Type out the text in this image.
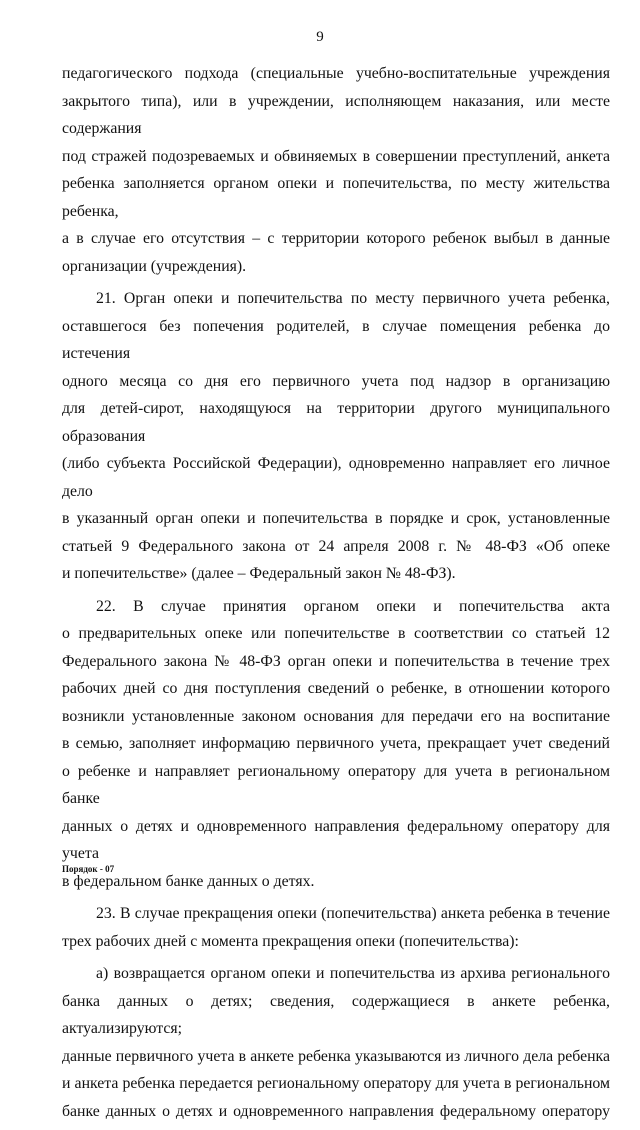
9

педагогического подхода (специальные учебно-воспитательные учреждения
закрытого типа), или в учреждении, исполняющем наказания, или месте содержания
под стражей подозреваемых и обвиняемых в совершении преступлений, анкета
ребенка заполняется органом опеки и попечительства, по месту жительства ребенка,
а в случае его отсутствия – с территории которого ребенок выбыл в данные
организации (учреждения).

21. Орган опеки и попечительства по месту первичного учета ребенка,
оставшегося без попечения родителей, в случае помещения ребенка до истечения
одного месяца со дня его первичного учета под надзор в организацию
для детей-сирот, находящуюся на территории другого муниципального образования
(либо субъекта Российской Федерации), одновременно направляет его личное дело
в указанный орган опеки и попечительства в порядке и срок, установленные
статьей 9 Федерального закона от 24 апреля 2008 г. № 48-ФЗ «Об опеке
и попечительстве» (далее – Федеральный закон № 48-ФЗ).

22. В случае принятия органом опеки и попечительства акта
о предварительных опеке или попечительстве в соответствии со статьей 12
Федерального закона № 48-ФЗ орган опеки и попечительства в течение трех
рабочих дней со дня поступления сведений о ребенке, в отношении которого
возникли установленные законом основания для передачи его на воспитание
в семью, заполняет информацию первичного учета, прекращает учет сведений
о ребенке и направляет региональному оператору для учета в региональном банке
данных о детях и одновременного направления федеральному оператору для учета
в федеральном банке данных о детях.

23. В случае прекращения опеки (попечительства) анкета ребенка в течение
трех рабочих дней с момента прекращения опеки (попечительства):

а) возвращается органом опеки и попечительства из архива регионального
банка данных о детях; сведения, содержащиеся в анкете ребенка, актуализируются;
данные первичного учета в анкете ребенка указываются из личного дела ребенка
и анкета ребенка передается региональному оператору для учета в региональном
банке данных о детях и одновременного направления федеральному оператору

Порядок - 07
